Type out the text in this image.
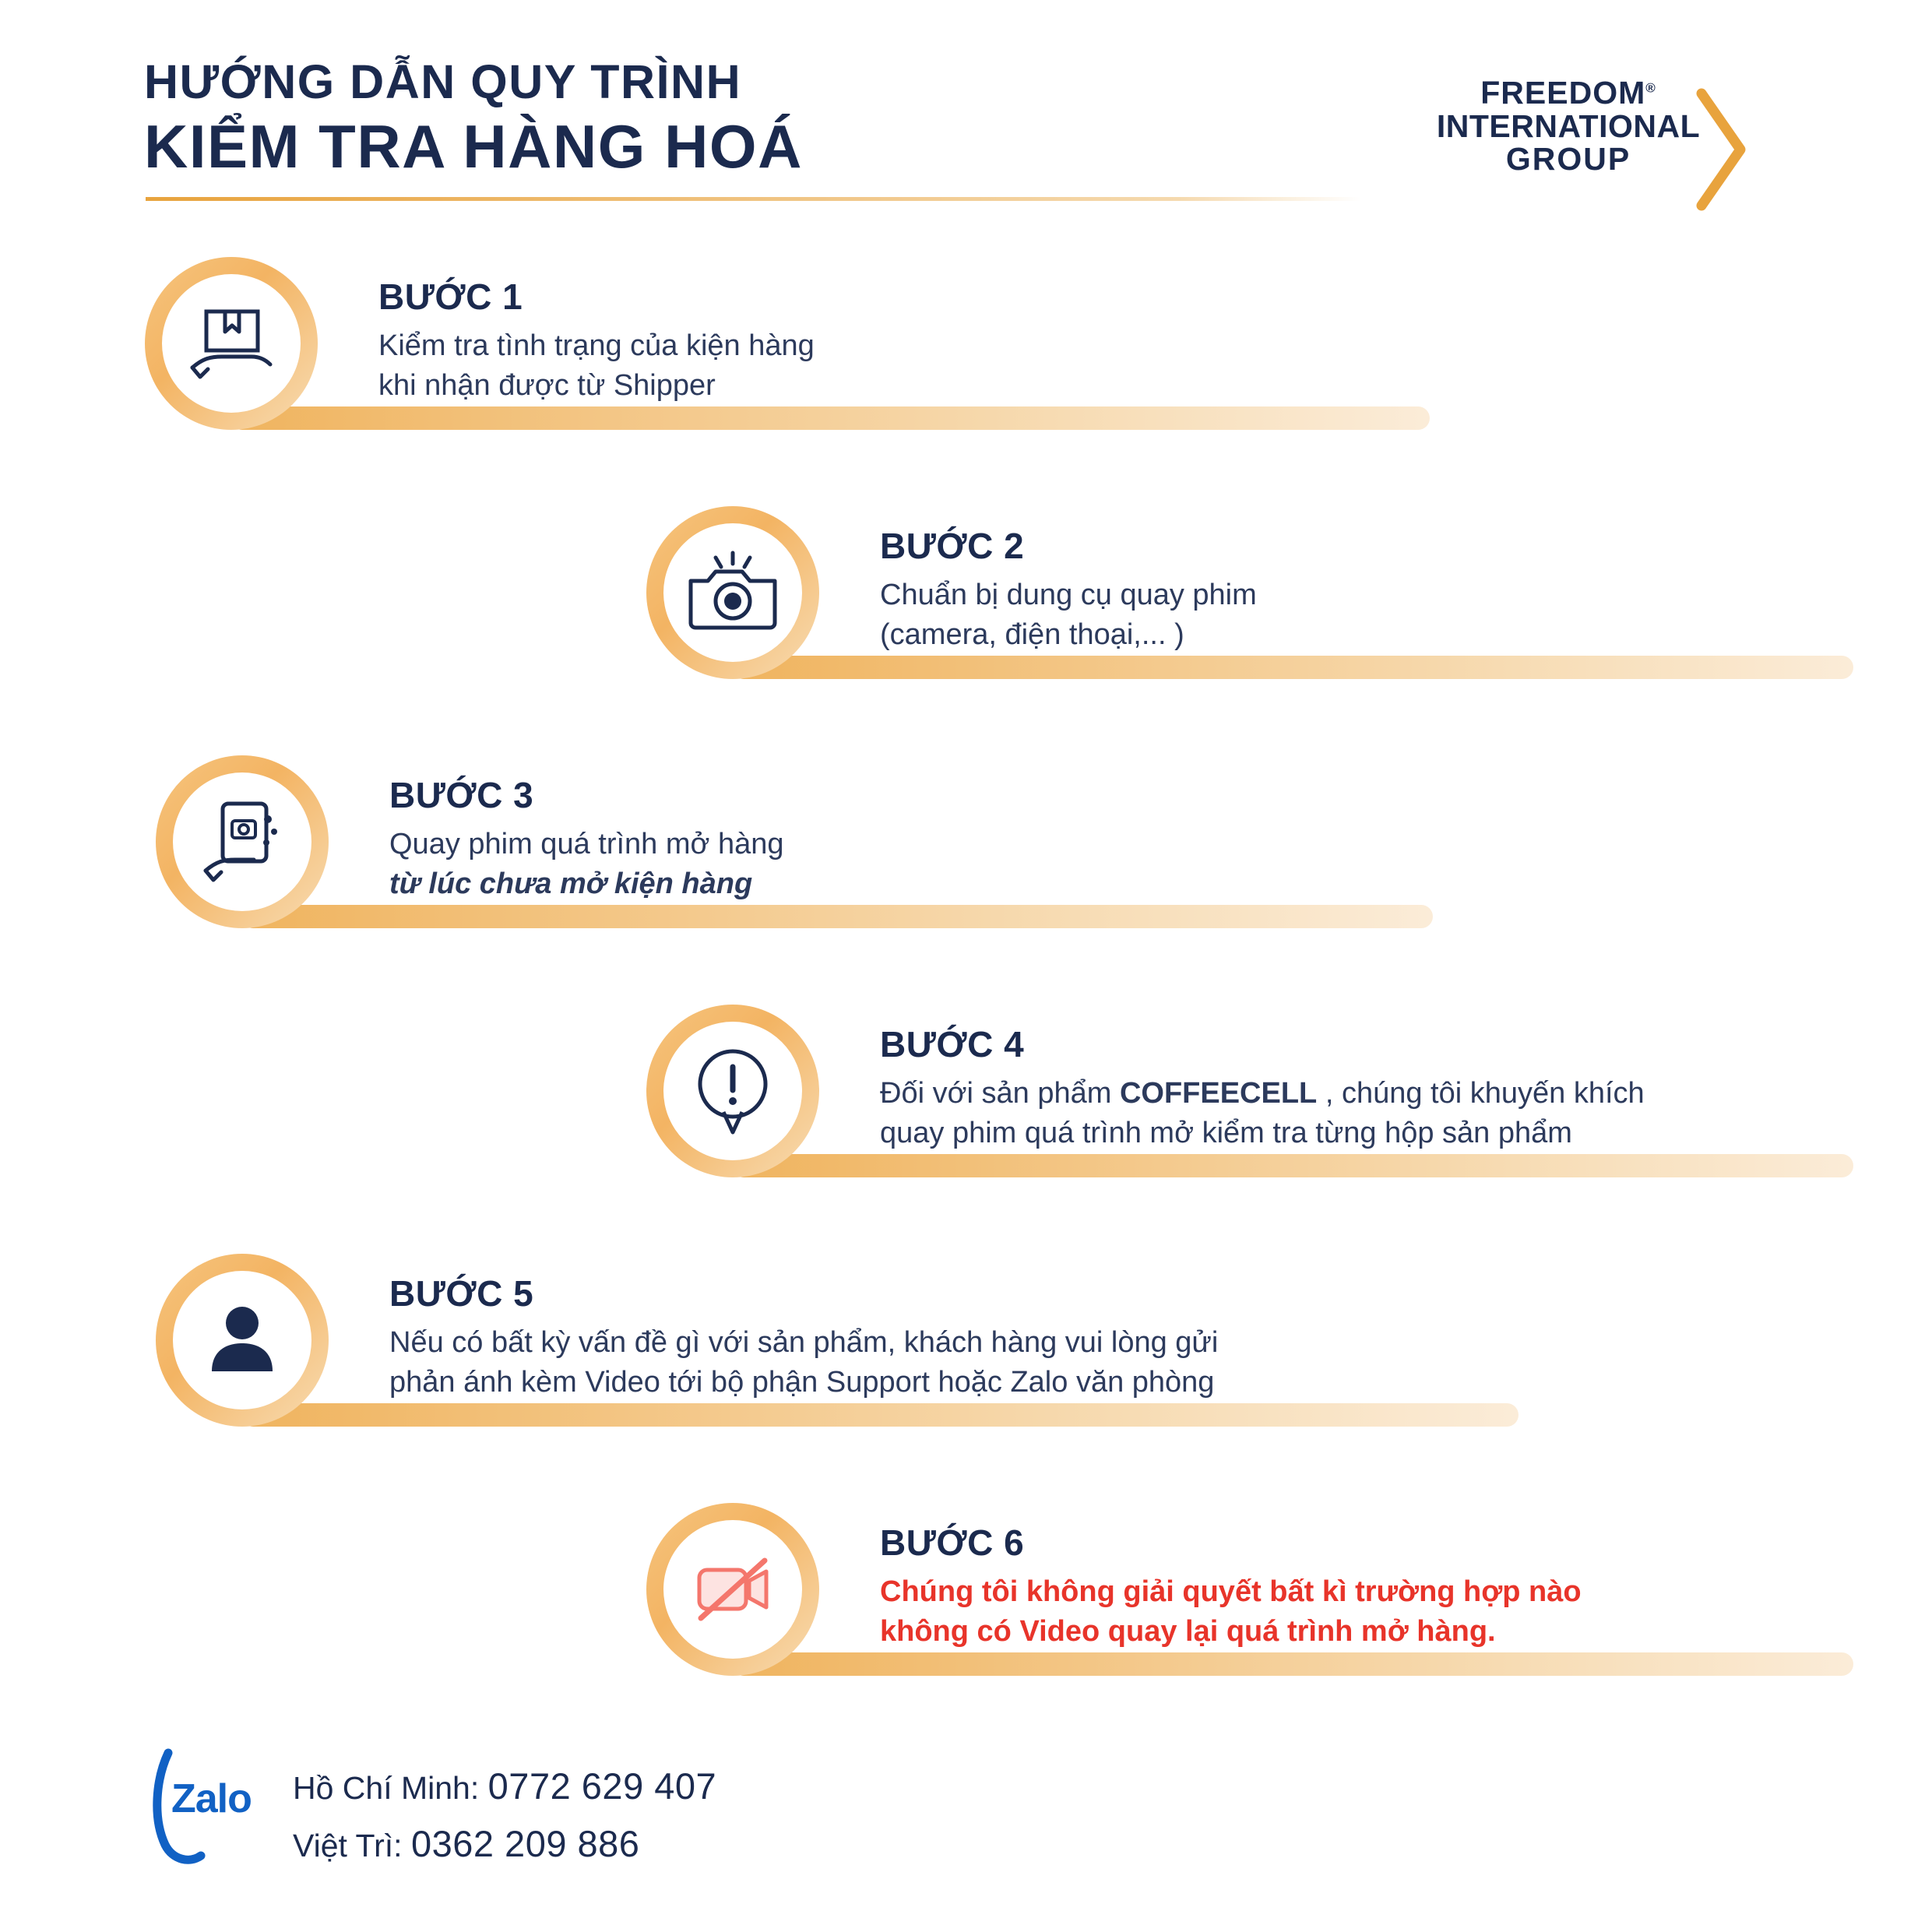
HƯỚNG DẪN QUY TRÌNH
KIỂM TRA HÀNG HOÁ
FREEDOM®
INTERNATIONAL
GROUP
BƯỚC 1
Kiểm tra tình trạng của kiện hàng
khi nhận được từ Shipper
BƯỚC 2
Chuẩn bị dung cụ quay phim
(camera, điện thoại,... )
BƯỚC 3
Quay phim quá trình mở hàng
từ lúc chưa mở kiện hàng
BƯỚC 4
Đối với sản phẩm COFFEECELL , chúng tôi khuyến khích
quay phim quá trình mở kiểm tra từng hộp sản phẩm
BƯỚC 5
Nếu có bất kỳ vấn đề gì với sản phẩm, khách hàng vui lòng gửi
phản ánh kèm Video tới bộ phận Support hoặc Zalo văn phòng
BƯỚC 6
Chúng tôi không giải quyết bất kì trường hợp nào
không có Video quay lại quá trình mở hàng.
Zalo Hồ Chí Minh: 0772 629 407
Việt Trì: 0362 209 886
